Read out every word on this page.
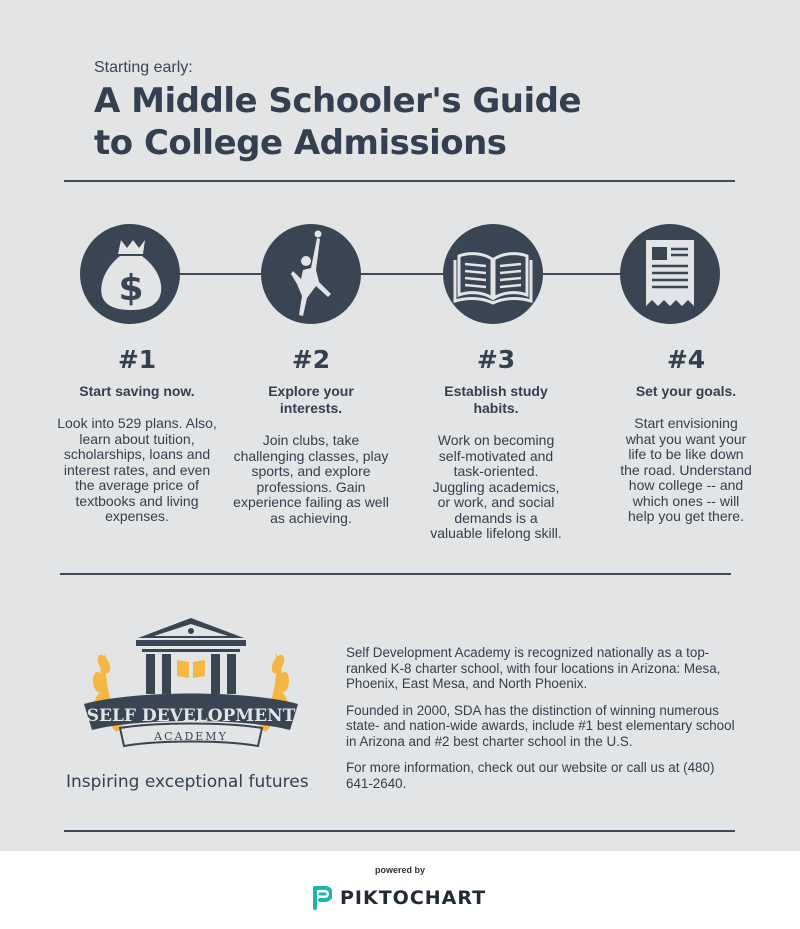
Starting early:
A Middle Schooler's Guide
to College Admissions
$
#1
Start saving now.
Look into 529 plans. Also, learn about tuition, scholarships, loans and interest rates, and even the average price of textbooks and living expenses.
#2
Explore your interests.
Join clubs, take challenging classes, play sports, and explore professions. Gain experience failing as well as achieving.
#3
Establish study habits.
Work on becoming self-motivated and task-oriented. Juggling academics, or work, and social demands is a valuable lifelong skill.
#4
Set your goals.
Start envisioning what you want your life to be like down the road. Understand how college -- and which ones -- will help you get there.
SELF DEVELOPMENT
ACADEMY
Inspiring exceptional futures

Self Development Academy is recognized nationally as a top-ranked K-8 charter school, with four locations in Arizona: Mesa, Phoenix, East Mesa, and North Phoenix.

Founded in 2000, SDA has the distinction of winning numerous state- and nation-wide awards, include #1 best elementary school in Arizona and #2 best charter school in the U.S.

For more information, check out our website or call us at (480) 641-2640.

powered by
PIKTOCHART
